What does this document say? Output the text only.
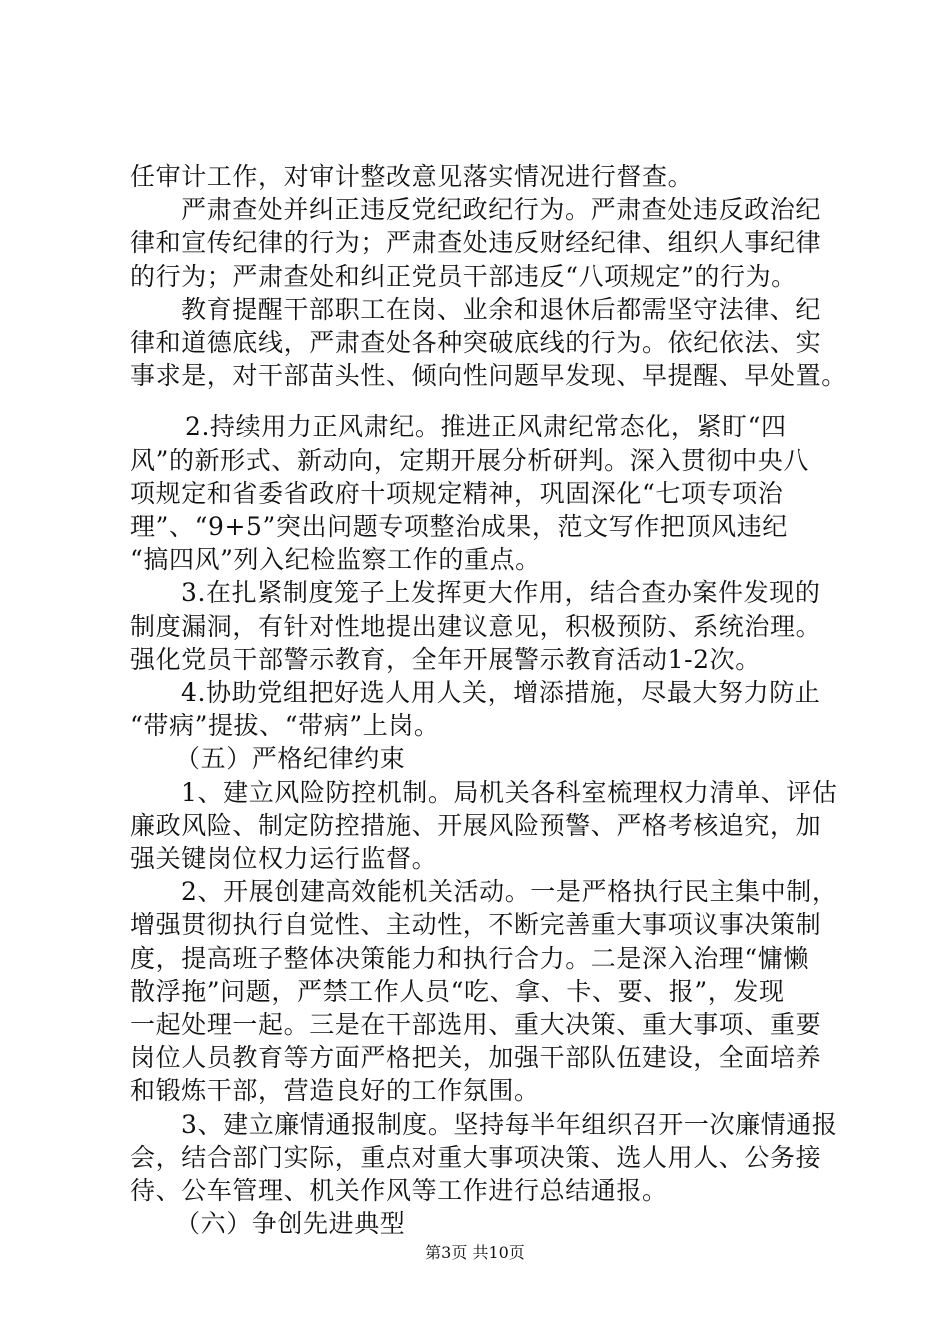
任审计工作，对审计整改意见落实情况进行督查。
严肃查处并纠正违反党纪政纪行为。严肃查处违反政治纪
律和宣传纪律的行为；严肃查处违反财经纪律、组织人事纪律
的行为；严肃查处和纠正党员干部违反“八项规定”的行为。
教育提醒干部职工在岗、业余和退休后都需坚守法律、纪
律和道德底线，严肃查处各种突破底线的行为。依纪依法、实
事求是，对干部苗头性、倾向性问题早发现、早提醒、早处置。
2.持续用力正风肃纪。推进正风肃纪常态化，紧盯“四
风”的新形式、新动向，定期开展分析研判。深入贯彻中央八
项规定和省委省政府十项规定精神，巩固深化“七项专项治
理”、“9+5”突出问题专项整治成果，范文写作把顶风违纪
“搞四风”列入纪检监察工作的重点。
3.在扎紧制度笼子上发挥更大作用，结合查办案件发现的
制度漏洞，有针对性地提出建议意见，积极预防、系统治理。
强化党员干部警示教育，全年开展警示教育活动1-2次。
4.协助党组把好选人用人关，增添措施，尽最大努力防止
“带病”提拔、“带病”上岗。
（五）严格纪律约束
1、建立风险防控机制。局机关各科室梳理权力清单、评估
廉政风险、制定防控措施、开展风险预警、严格考核追究，加
强关键岗位权力运行监督。
2、开展创建高效能机关活动。一是严格执行民主集中制，
增强贯彻执行自觉性、主动性，不断完善重大事项议事决策制
度，提高班子整体决策能力和执行合力。二是深入治理“慵懒
散浮拖”问题，严禁工作人员“吃、拿、卡、要、报”，发现
一起处理一起。三是在干部选用、重大决策、重大事项、重要
岗位人员教育等方面严格把关，加强干部队伍建设，全面培养
和锻炼干部，营造良好的工作氛围。
3、建立廉情通报制度。坚持每半年组织召开一次廉情通报
会，结合部门实际，重点对重大事项决策、选人用人、公务接
待、公车管理、机关作风等工作进行总结通报。
（六）争创先进典型
第3页 共10页
